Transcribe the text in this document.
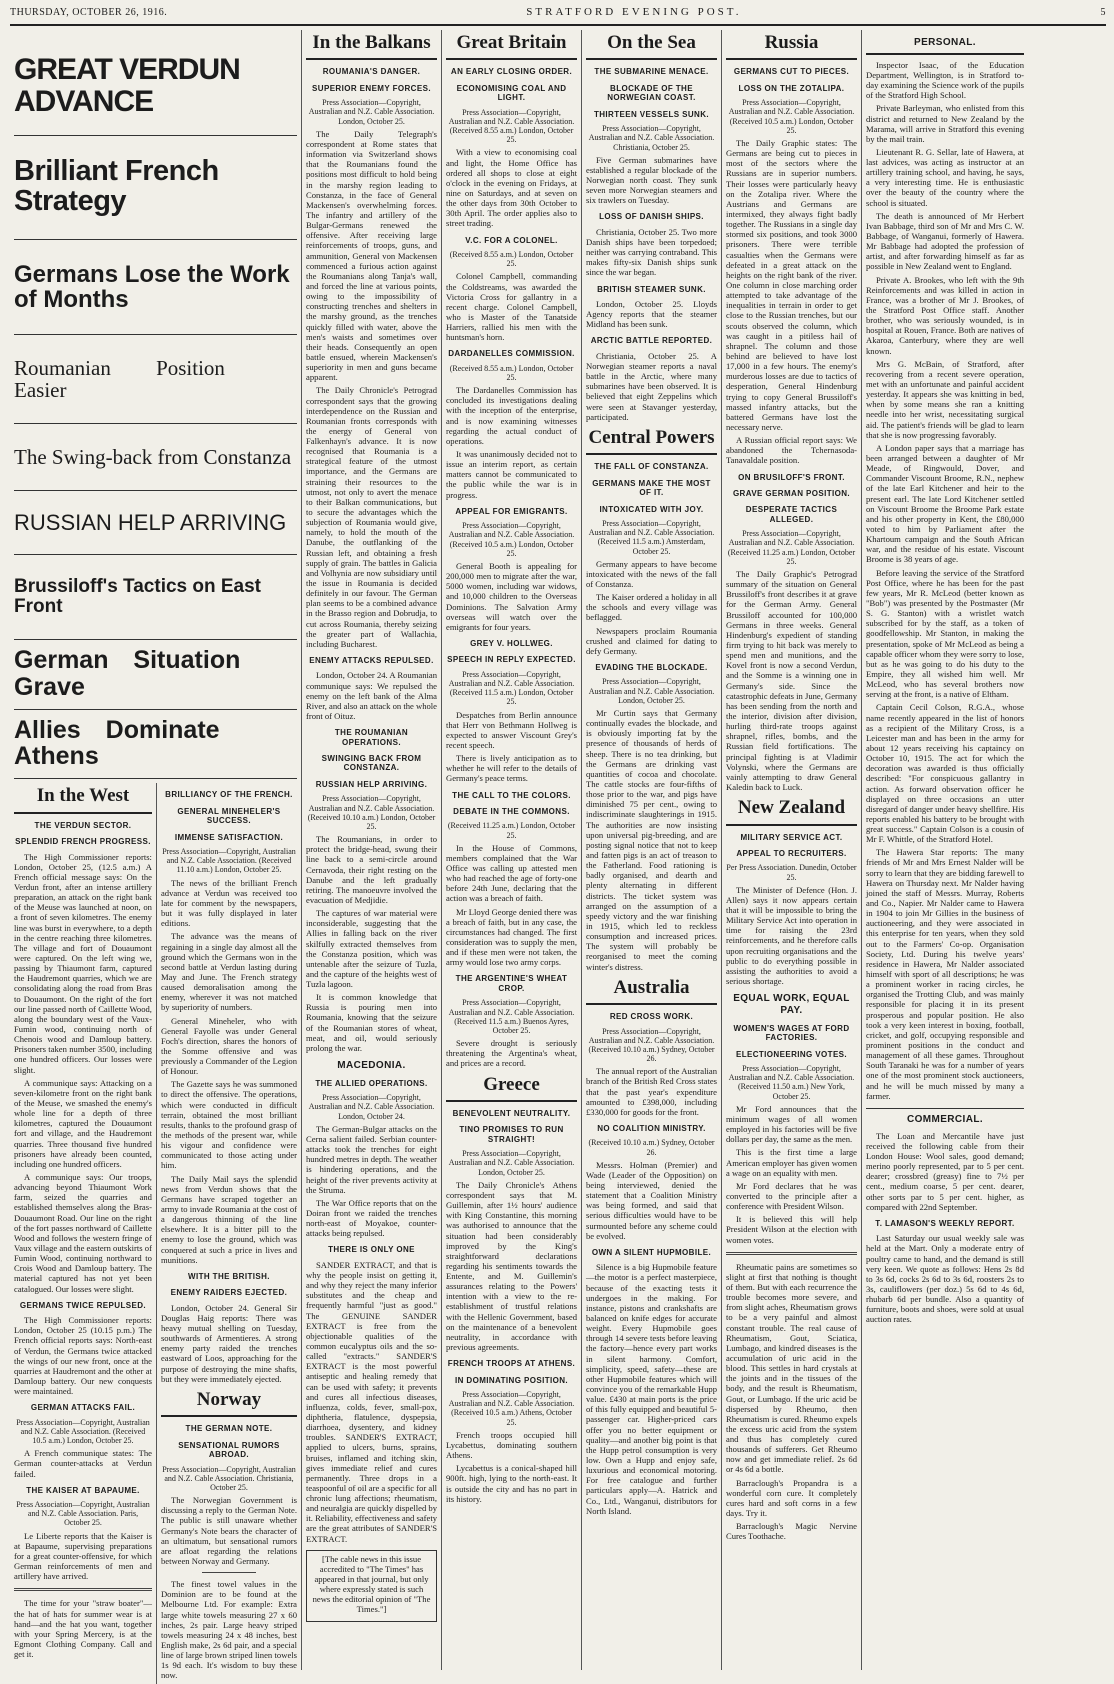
THURSDAY, OCTOBER 26, 1916.	STRATFORD EVENING POST.	5
GREAT VERDUN ADVANCE
Brilliant French Strategy
Germans Lose the Work of Months
Roumanian Position Easier
The Swing-back from Constanza
RUSSIAN HELP ARRIVING
Brussiloff's Tactics on East Front
German Situation Grave
Allies Dominate Athens
In the West
THE VERDUN SECTOR.
SPLENDID FRENCH PROGRESS.

The High Commissioner reports: London, October 25, (12.5 a.m.) A French official message says: On the Verdun front, after an intense artillery preparation, an attack on the right bank of the Meuse was launched at noon, on a front of seven kilometres. The enemy line was burst in everywhere, to a depth in the centre reaching three kilometres. The village and fort of Douaumont were captured. On the left wing we, passing by Thiaumont farm, captured the Haudremont quarries, which we are consolidating along the road from Bras to Douaumont. On the right of the fort our line passed north of Caillette Wood, along the boundary west of the Vaux-Fumin wood, continuing north of Chenois wood and Damloup battery. Prisoners taken number 3500, including one hundred officers. Our losses were slight.

A communique says: Attacking on a seven-kilometre front on the right bank of the Meuse, we smashed the enemy's whole line for a depth of three kilometres, captured the Douaumont fort and village, and the Haudremont quarries. Three thousand five hundred prisoners have already been counted, including one hundred officers.

A communique says: Our troops, advancing beyond Thiaumont Work farm, seized the quarries and established themselves along the Bras-Douaumont Road. Our line on the right of the fort passes northward of Caillette Wood and follows the western fringe of Vaux village and the eastern outskirts of Fumin Wood, continuing northward to Crois Wood and Damloup battery. The material captured has not yet been catalogued. Our losses were slight.

GERMANS TWICE REPULSED.

The High Commissioner reports: London, October 25 (10.15 p.m.) The French official reports says: North-east of Verdun, the Germans twice attacked the wings of our new front, once at the quarries at Haudremont and the other at Damloup battery. Our new conquests were maintained.

GERMAN ATTACKS FAIL.

Press Association—Copyright, Australian and N.Z. Cable Association. (Received 10.5 a.m.) London, October 25.

A French communique states: The German counter-attacks at Verdun failed.

THE KAISER AT BAPAUME.

Press Association—Copyright, Australian and N.Z. Cable Association. Paris, October 25.

Le Liberte reports that the Kaiser is at Bapaume, supervising preparations for a great counter-offensive, for which German reinforcements of men and artillery have arrived.

The time for your "straw boater"—the hat of hats for summer wear is at hand—and the hat you want, together with your Spring Mercery, is at the Egmont Clothing Company. Call and get it.

BRILLIANCY OF THE FRENCH.
GENERAL MINEHELER'S SUCCESS.
IMMENSE SATISFACTION.

Press Association—Copyright, Australian and N.Z. Cable Association. (Received 11.10 a.m.) London, October 25.

The news of the brilliant French advance at Verdun was received too late for comment by the newspapers, but it was fully displayed in later editions.

The advance was the means of regaining in a single day almost all the ground which the Germans won in the second battle at Verdun lasting during May and June. The French strategy caused demoralisation among the enemy, wherever it was not matched by superiority of numbers.

General Mineheler, who with General Fayolle was under General Foch's direction, shares the honors of the Somme offensive and was previously a Commander of the Legion of Honour.

The Gazette says he was summoned to direct the offensive. The operations, which were conducted in difficult terrain, obtained the most brilliant results, thanks to the profound grasp of the methods of the present war, while his vigour and confidence were communicated to those acting under him.

The Daily Mail says the splendid news from Verdun shows that the Germans have scraped together an army to invade Roumania at the cost of a dangerous thinning of the line elsewhere. It is a bitter pill to the enemy to lose the ground, which was conquered at such a price in lives and munitions.

WITH THE BRITISH.
ENEMY RAIDERS EJECTED.

London, October 24. General Sir Douglas Haig reports: There was heavy mutual shelling on Tuesday, southwards of Armentieres. A strong enemy party raided the trenches eastward of Loos, approaching for the purpose of destroying the mine shafts, but they were immediately ejected.

Norway
THE GERMAN NOTE.
SENSATIONAL RUMORS ABROAD.

Press Association—Copyright, Australian and N.Z. Cable Association. Christiania, October 25.

The Norwegian Government is discussing a reply to the German Note. The public is still unaware whether Germany's Note bears the character of an ultimatum, but sensational rumors are afloat regarding the relations between Norway and Germany.

The finest towel values in the Dominion are to be found at the Melbourne Ltd. For example: Extra large white towels measuring 27 x 60 inches, 2s pair. Large heavy striped towels measuring 24 x 48 inches, best English make, 2s 6d pair, and a special line of large brown striped linen towels 1s 9d each. It's wisdom to buy these now.

In the Balkans
ROUMANIA'S DANGER.
SUPERIOR ENEMY FORCES.

Press Association—Copyright, Australian and N.Z. Cable Association. London, October 25.

The Daily Telegraph's correspondent at Rome states that information via Switzerland shows that the Roumanians found the positions most difficult to hold being in the marshy region leading to Constanza, in the face of General Mackensen's overwhelming forces. The infantry and artillery of the Bulgar-Germans renewed the offensive. After receiving large reinforcements of troops, guns, and ammunition, General von Mackensen commenced a furious action against the Roumanians along Tanja's wall, and forced the line at various points, owing to the impossibility of constructing trenches and shelters in the marshy ground, as the trenches quickly filled with water, above the men's waists and sometimes over their heads. Consequently an open battle ensued, wherein Mackensen's superiority in men and guns became apparent.

The Daily Chronicle's Petrograd correspondent says that the growing interdependence on the Russian and Roumanian fronts corresponds with the energy of General von Falkenhayn's advance. It is now recognised that Roumania is a strategical feature of the utmost importance, and the Germans are straining their resources to the utmost, not only to avert the menace to their Balkan communications, but to secure the advantages which the subjection of Roumania would give, namely, to hold the mouth of the Danube, the outflanking of the Russian left, and obtaining a fresh supply of grain. The battles in Galicia and Volhynia are now subsidiary until the issue in Roumania is decided definitely in our favour. The German plan seems to be a combined advance in the Brasso region and Dobrudja, to cut across Roumania, thereby seizing the greater part of Wallachia, including Bucharest.

ENEMY ATTACKS REPULSED.

London, October 24. A Roumanian communique says: We repulsed the enemy on the left bank of the Alma River, and also an attack on the whole front of Oituz.

THE ROUMANIAN OPERATIONS.
SWINGING BACK FROM CONSTANZA.
RUSSIAN HELP ARRIVING.

Press Association—Copyright, Australian and N.Z. Cable Association. (Received 10.10 a.m.) London, October 25.

The Roumanians, in order to protect the bridge-head, swung their line back to a semi-circle around Cernavoda, their right resting on the Danube and the left gradually retiring. The manoeuvre involved the evacuation of Medjidie.

The captures of war material were inconsiderable, suggesting that the Allies in falling back on the river skilfully extracted themselves from the Constanza position, which was untenable after the seizure of Tuzla, and the capture of the heights west of Tuzla lagoon.

It is common knowledge that Russia is pouring men into Roumania, knowing that the seizure of the Roumanian stores of wheat, meat, and oil, would seriously prolong the war.

MACEDONIA.
THE ALLIED OPERATIONS.

Press Association—Copyright, Australian and N.Z. Cable Association. London, October 24.

The German-Bulgar attacks on the Cerna salient failed. Serbian counter-attacks took the trenches for eight hundred metres in depth. The weather is hindering operations, and the height of the river prevents activity at the Struma.

The War Office reports that on the Doiran front we raided the trenches north-east of Moyakoe, counter-attacks being repulsed.

THERE IS ONLY ONE

SANDER EXTRACT, and that is why the people insist on getting it, and why they reject the many inferior substitutes and the cheap and frequently harmful "just as good." The GENUINE SANDER EXTRACT is free from the objectionable qualities of the common eucalyptus oils and the so-called "extracts." SANDER'S EXTRACT is the most powerful antiseptic and healing remedy that can be used with safety; it prevents and cures all infectious diseases, influenza, colds, fever, small-pox, diphtheria, flatulence, dyspepsia, diarrhoea, dysentery, and kidney troubles. SANDER'S EXTRACT, applied to ulcers, burns, sprains, bruises, inflamed and itching skin, gives immediate relief and cures permanently. Three drops in a teaspoonful of oil are a specific for all chronic lung affections; rheumatism, and neuralgia are quickly dispelled by it. Reliability, effectiveness and safety are the great attributes of SANDER'S EXTRACT.

[The cable news in this issue accredited to "The Times" has appeared in that journal, but only where expressly stated is such news the editorial opinion of "The Times."]

Great Britain
AN EARLY CLOSING ORDER.
ECONOMISING COAL AND LIGHT.

Press Association—Copyright, Australian and N.Z. Cable Association. (Received 8.55 a.m.) London, October 25.

With a view to economising coal and light, the Home Office has ordered all shops to close at eight o'clock in the evening on Fridays, at nine on Saturdays, and at seven on the other days from 30th October to 30th April. The order applies also to street trading.

V.C. FOR A COLONEL.

(Received 8.55 a.m.) London, October 25.

Colonel Campbell, commanding the Coldstreams, was awarded the Victoria Cross for gallantry in a recent charge. Colonel Campbell, who is Master of the Tanatside Harriers, rallied his men with the huntsman's horn.

DARDANELLES COMMISSION.

(Received 8.55 a.m.) London, October 25.

The Dardanelles Commission has concluded its investigations dealing with the inception of the enterprise, and is now examining witnesses regarding the actual conduct of operations.

It was unanimously decided not to issue an interim report, as certain matters cannot be communicated to the public while the war is in progress.

APPEAL FOR EMIGRANTS.

Press Association—Copyright, Australian and N.Z. Cable Association. (Received 10.5 a.m.) London, October 25.

General Booth is appealing for 200,000 men to migrate after the war, 5000 women, including war widows, and 10,000 children to the Overseas Dominions. The Salvation Army overseas will watch over the emigrants for four years.

GREY V. HOLLWEG.
SPEECH IN REPLY EXPECTED.

Press Association—Copyright, Australian and N.Z. Cable Association. (Received 11.5 a.m.) London, October 25.

Despatches from Berlin announce that Herr von Bethmann Hollweg is expected to answer Viscount Grey's recent speech.

There is lively anticipation as to whether he will refer to the details of Germany's peace terms.

THE CALL TO THE COLORS.
DEBATE IN THE COMMONS.

(Received 11.25 a.m.) London, October 25.

In the House of Commons, members complained that the War Office was calling up attested men who had reached the age of forty-one before 24th June, declaring that the action was a breach of faith.

Mr Lloyd George denied there was a breach of faith, but in any case, the circumstances had changed. The first consideration was to supply the men, and if these men were not taken, the army would lose two army corps.

THE ARGENTINE'S WHEAT CROP.

Press Association—Copyright, Australian and N.Z. Cable Association. (Received 11.5 a.m.) Buenos Ayres, October 25.

Severe drought is seriously threatening the Argentina's wheat, and prices are a record.

Greece
BENEVOLENT NEUTRALITY.
TINO PROMISES TO RUN STRAIGHT!

Press Association—Copyright, Australian and N.Z. Cable Association. London, October 25.

The Daily Chronicle's Athens correspondent says that M. Guillemin, after 1½ hours' audience with King Constantine, this morning was authorised to announce that the situation had been considerably improved by the King's straightforward declarations regarding his sentiments towards the Entente, and M. Guillemin's assurances relating to the Powers' intention with a view to the re-establishment of trustful relations with the Hellenic Government, based on the maintenance of a benevolent neutrality, in accordance with previous agreements.

FRENCH TROOPS AT ATHENS.
IN DOMINATING POSITION.

Press Association—Copyright, Australian and N.Z. Cable Association. (Received 10.5 a.m.) Athens, October 25.

French troops occupied hill Lycabettus, dominating southern Athens.

Lycabettus is a conical-shaped hill 900ft. high, lying to the north-east. It is outside the city and has no part in its history.

On the Sea
THE SUBMARINE MENACE.
BLOCKADE OF THE NORWEGIAN COAST.
THIRTEEN VESSELS SUNK.

Press Association—Copyright, Australian and N.Z. Cable Association. Christiania, October 25.

Five German submarines have established a regular blockade of the Norwegian north coast. They sunk seven more Norwegian steamers and six trawlers on Tuesday.

LOSS OF DANISH SHIPS.

Christiania, October 25. Two more Danish ships have been torpedoed; neither was carrying contraband. This makes fifty-six Danish ships sunk since the war began.

BRITISH STEAMER SUNK.

London, October 25. Lloyds Agency reports that the steamer Midland has been sunk.

ARCTIC BATTLE REPORTED.

Christiania, October 25. A Norwegian steamer reports a naval battle in the Arctic, where many submarines have been observed. It is believed that eight Zeppelins which were seen at Stavanger yesterday, participated.

Central Powers
THE FALL OF CONSTANZA.
GERMANS MAKE THE MOST OF IT.
INTOXICATED WITH JOY.

Press Association—Copyright, Australian and N.Z. Cable Association. (Received 11.5 a.m.) Amsterdam, October 25.

Germany appears to have become intoxicated with the news of the fall of Constanza.

The Kaiser ordered a holiday in all the schools and every village was beflagged.

Newspapers proclaim Roumania crushed and claimed for dating to defy Germany.

EVADING THE BLOCKADE.

Press Association—Copyright, Australian and N.Z. Cable Association. London, October 25.

Mr Curtin says that Germany continually evades the blockade, and is obviously importing fat by the presence of thousands of herds of sheep. There is no tea drinking, but the Germans are drinking vast quantities of cocoa and chocolate. The cattle stocks are four-fifths of those prior to the war, and pigs have diminished 75 per cent., owing to indiscriminate slaughterings in 1915. The authorities are now insisting upon universal pig-breeding, and are posting signal notice that not to keep and fatten pigs is an act of treason to the Fatherland. Food rationing is badly organised, and dearth and plenty alternating in different districts. The ticket system was arranged on the assumption of a speedy victory and the war finishing in 1915, which led to reckless consumption and increased prices. The system will probably be reorganised to meet the coming winter's distress.

Australia
RED CROSS WORK.

Press Association—Copyright, Australian and N.Z. Cable Association. (Received 10.10 a.m.) Sydney, October 26.

The annual report of the Australian branch of the British Red Cross states that the past year's expenditure amounted to £398,000, including £330,000 for goods for the front.

NO COALITION MINISTRY.

(Received 10.10 a.m.) Sydney, October 26.

Messrs. Holman (Premier) and Wade (Leader of the Opposition) on being interviewed, denied the statement that a Coalition Ministry was being formed, and said that serious difficulties would have to be surmounted before any scheme could be evolved.

OWN A SILENT HUPMOBILE.

Silence is a big Hupmobile feature—the motor is a perfect masterpiece, because of the exacting tests it undergoes in the making. For instance, pistons and crankshafts are balanced on knife edges for accurate weight. Every Hupmobile goes through 14 severe tests before leaving the factory—hence every part works in silent harmony. Comfort, simplicity, speed, safety—these are other Hupmobile features which will convince you of the remarkable Hupp value. £430 at main ports is the price of this fully equipped and beautiful 5-passenger car. Higher-priced cars offer you no better equipment or quality—and another big point is that the Hupp petrol consumption is very low. Own a Hupp and enjoy safe, luxurious and economical motoring. For free catalogue and further particulars apply—A. Hatrick and Co., Ltd., Wanganui, distributors for North Island.

Russia
GERMANS CUT TO PIECES.
LOSS ON THE ZOTALIPA.

Press Association—Copyright, Australian and N.Z. Cable Association. (Received 10.5 a.m.) London, October 25.

The Daily Graphic states: The Germans are being cut to pieces in most of the sectors where the Russians are in superior numbers. Their losses were particularly heavy on the Zotalipa river. Where the Austrians and Germans are intermixed, they always fight badly together. The Russians in a single day stormed six positions, and took 3000 prisoners. There were terrible casualties when the Germans were defeated in a great attack on the heights on the right bank of the river. One column in close marching order attempted to take advantage of the inequalities in terrain in order to get close to the Russian trenches, but our scouts observed the column, which was caught in a pitiless hail of shrapnel. The column and those behind are believed to have lost 17,000 in a few hours. The enemy's murderous losses are due to tactics of desperation, General Hindenburg trying to copy General Brussiloff's massed infantry attacks, but the battered Germans have lost the necessary nerve.

A Russian official report says: We abandoned the Tchernasoda-Tanavaldale position.

ON BRUSILOFF'S FRONT.
GRAVE GERMAN POSITION.
DESPERATE TACTICS ALLEGED.

Press Association—Copyright, Australian and N.Z. Cable Association. (Received 11.25 a.m.) London, October 25.

The Daily Graphic's Petrograd summary of the situation on General Brussiloff's front describes it at grave for the German Army. General Brussiloff accounted for 100,000 Germans in three weeks. General Hindenburg's expedient of standing firm trying to hit back was merely to spend men and munitions, and the Kovel front is now a second Verdun, and the Somme is a winning one in Germany's side. Since the catastrophic defeats in June, Germany has been sending from the north and the interior, division after division, hurling third-rate troops against shrapnel, rifles, bombs, and the Russian field fortifications. The principal fighting is at Vladimir Volynski, where the Germans are vainly attempting to draw General Kaledin back to Luck.

New Zealand
MILITARY SERVICE ACT.
APPEAL TO RECRUITERS.

Per Press Association. Dunedin, October 25.

The Minister of Defence (Hon. J. Allen) says it now appears certain that it will be impossible to bring the Military Service Act into operation in time for raising the 23rd reinforcements, and he therefore calls upon recruiting organisations and the public to do everything possible in assisting the authorities to avoid a serious shortage.

EQUAL WORK, EQUAL PAY.
WOMEN'S WAGES AT FORD FACTORIES.
ELECTIONEERING VOTES.

Press Association—Copyright, Australian and N.Z. Cable Association. (Received 11.50 a.m.) New York, October 25.

Mr Ford announces that the minimum wages of all women employed in his factories will be five dollars per day, the same as the men.

This is the first time a large American employer has given women a wage on an equality with men.

Mr Ford declares that he was converted to the principle after a conference with President Wilson.

It is believed this will help President Wilson at the election with women votes.

Rheumatic pains are sometimes so slight at first that nothing is thought of them. But with each recurrence the trouble becomes more severe, and from slight aches, Rheumatism grows to be a very painful and almost constant trouble. The real cause of Rheumatism, Gout, Sciatica, Lumbago, and kindred diseases is the accumulation of uric acid in the blood. This settles in hard crystals at the joints and in the tissues of the body, and the result is Rheumatism, Gout, or Lumbago. If the uric acid be dispersed by Rheumo, then Rheumatism is cured. Rheumo expels the excess uric acid from the system and thus has completely cured thousands of sufferers. Get Rheumo now and get immediate relief. 2s 6d or 4s 6d a bottle.

Barraclough's Propandra is a wonderful corn cure. It completely cures hard and soft corns in a few days. Try it.

Barraclough's Magic Nervine Cures Toothache.

PERSONAL.

Inspector Isaac, of the Education Department, Wellington, is in Stratford to-day examining the Science work of the pupils of the Stratford High School.

Private Barleyman, who enlisted from this district and returned to New Zealand by the Marama, will arrive in Stratford this evening by the mail train.

Lieutenant R. G. Sellar, late of Hawera, at last advices, was acting as instructor at an artillery training school, and having, he says, a very interesting time. He is enthusiastic over the beauty of the country where the school is situated.

The death is announced of Mr Herbert Ivan Babbage, third son of Mr and Mrs C. W. Babbage, of Wanganui, formerly of Hawera. Mr Babbage had adopted the profession of artist, and after forwarding himself as far as possible in New Zealand went to England.

Private A. Brookes, who left with the 9th Reinforcements and was killed in action in France, was a brother of Mr J. Brookes, of the Stratford Post Office staff. Another brother, who was seriously wounded, is in hospital at Rouen, France. Both are natives of Akaroa, Canterbury, where they are well known.

Mrs G. McBain, of Stratford, after recovering from a recent severe operation, met with an unfortunate and painful accident yesterday. It appears she was knitting in bed, when by some means she ran a knitting needle into her wrist, necessitating surgical aid. The patient's friends will be glad to learn that she is now progressing favorably.

A London paper says that a marriage has been arranged between a daughter of Mr Meade, of Ringwould, Dover, and Commander Viscount Broome, R.N., nephew of the late Earl Kitchener and heir to the present earl. The late Lord Kitchener settled on Viscount Broome the Broome Park estate and his other property in Kent, the £80,000 voted to him by Parliament after the Khartoum campaign and the South African war, and the residue of his estate. Viscount Broome is 38 years of age.

Before leaving the service of the Stratford Post Office, where he has been for the past few years, Mr R. McLeod (better known as "Bob") was presented by the Postmaster (Mr S. G. Stanton) with a wristlet watch subscribed for by the staff, as a token of goodfellowship. Mr Stanton, in making the presentation, spoke of Mr McLeod as being a capable officer whom they were sorry to lose, but as he was going to do his duty to the Empire, they all wished him well. Mr McLeod, who has several brothers now serving at the front, is a native of Eltham.

Captain Cecil Colson, R.G.A., whose name recently appeared in the list of honors as a recipient of the Military Cross, is a Leicester man and has been in the army for about 12 years receiving his captaincy on October 10, 1915. The act for which the decoration was awarded is thus officially described: "For conspicuous gallantry in action. As forward observation officer he displayed on three occasions an utter disregard of danger under heavy shellfire. His reports enabled his battery to be brought with great success." Captain Colson is a cousin of Mr F. Whittle, of the Stratford Hotel.

The Hawera Star reports: The many friends of Mr and Mrs Ernest Nalder will be sorry to learn that they are bidding farewell to Hawera on Thursday next. Mr Nalder having joined the staff of Messrs. Murray, Roberts and Co., Napier. Mr Nalder came to Hawera in 1904 to join Mr Gillies in the business of auctioneering, and they were associated in this enterprise for ten years, when they sold out to the Farmers' Co-op. Organisation Society, Ltd. During his twelve years' residence in Hawera, Mr Nalder associated himself with sport of all descriptions; he was a prominent worker in racing circles, he organised the Trotting Club, and was mainly responsible for placing it in its present prosperous and popular position. He also took a very keen interest in boxing, football, cricket, and golf, occupying responsible and prominent positions in the conduct and management of all these games. Throughout South Taranaki he was for a number of years one of the most prominent stock auctioneers, and he will be much missed by many a farmer.

COMMERCIAL.

The Loan and Mercantile have just received the following cable from their London House: Wool sales, good demand; merino poorly represented, par to 5 per cent. dearer; crossbred (greasy) fine to 7½ per cent., medium coarse, 5 per cent. dearer, other sorts par to 5 per cent. higher, as compared with 22nd September.

T. LAMASON'S WEEKLY REPORT.

Last Saturday our usual weekly sale was held at the Mart. Only a moderate entry of poultry came to hand, and the demand is still very keen. We quote as follows: Hens 2s 8d to 3s 6d, cocks 2s 6d to 3s 6d, roosters 2s to 3s, cauliflowers (per doz.) 5s 6d to 4s 6d, rhubarb 6d per bundle. Also a quantity of furniture, boots and shoes, were sold at usual auction rates.
